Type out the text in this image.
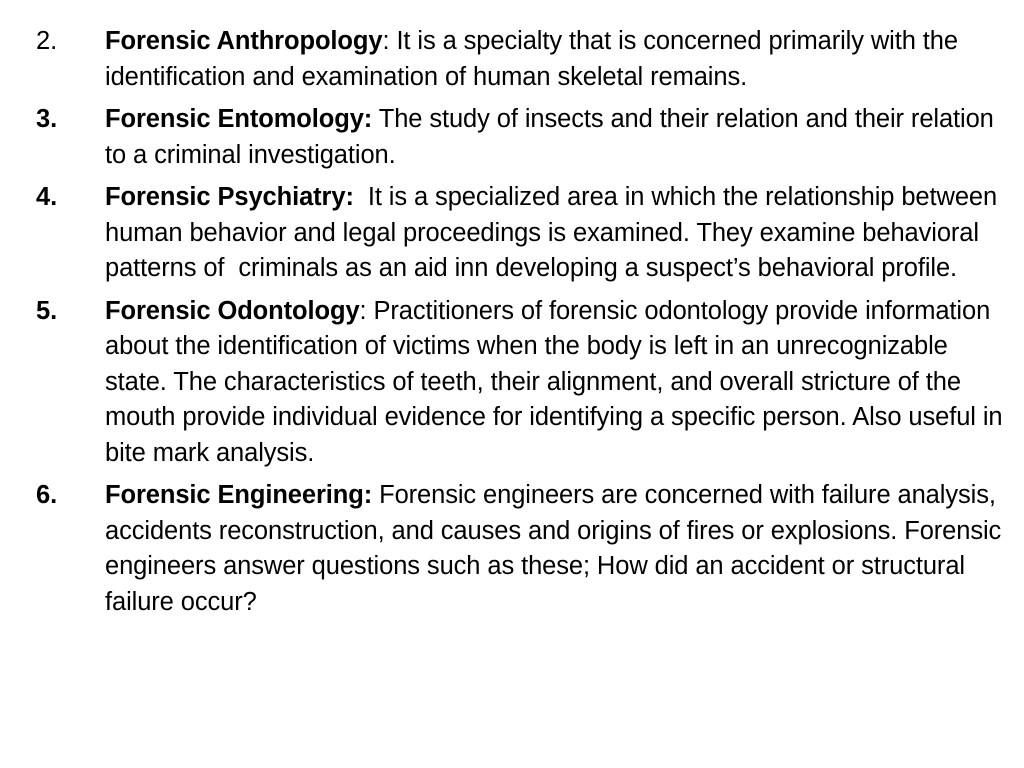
2. Forensic Anthropology: It is a specialty that is concerned primarily with the identification and examination of human skeletal remains.
3. Forensic Entomology: The study of insects and their relation and their relation to a criminal investigation.
4. Forensic Psychiatry:  It is a specialized area in which the relationship between human behavior and legal proceedings is examined. They examine behavioral patterns of  criminals as an aid inn developing a suspect’s behavioral profile.
5. Forensic Odontology: Practitioners of forensic odontology provide information about the identification of victims when the body is left in an unrecognizable state. The characteristics of teeth, their alignment, and overall stricture of the mouth provide individual evidence for identifying a specific person. Also useful in bite mark analysis.
6. Forensic Engineering: Forensic engineers are concerned with failure analysis, accidents reconstruction, and causes and origins of fires or explosions. Forensic engineers answer questions such as these; How did an accident or structural failure occur?
